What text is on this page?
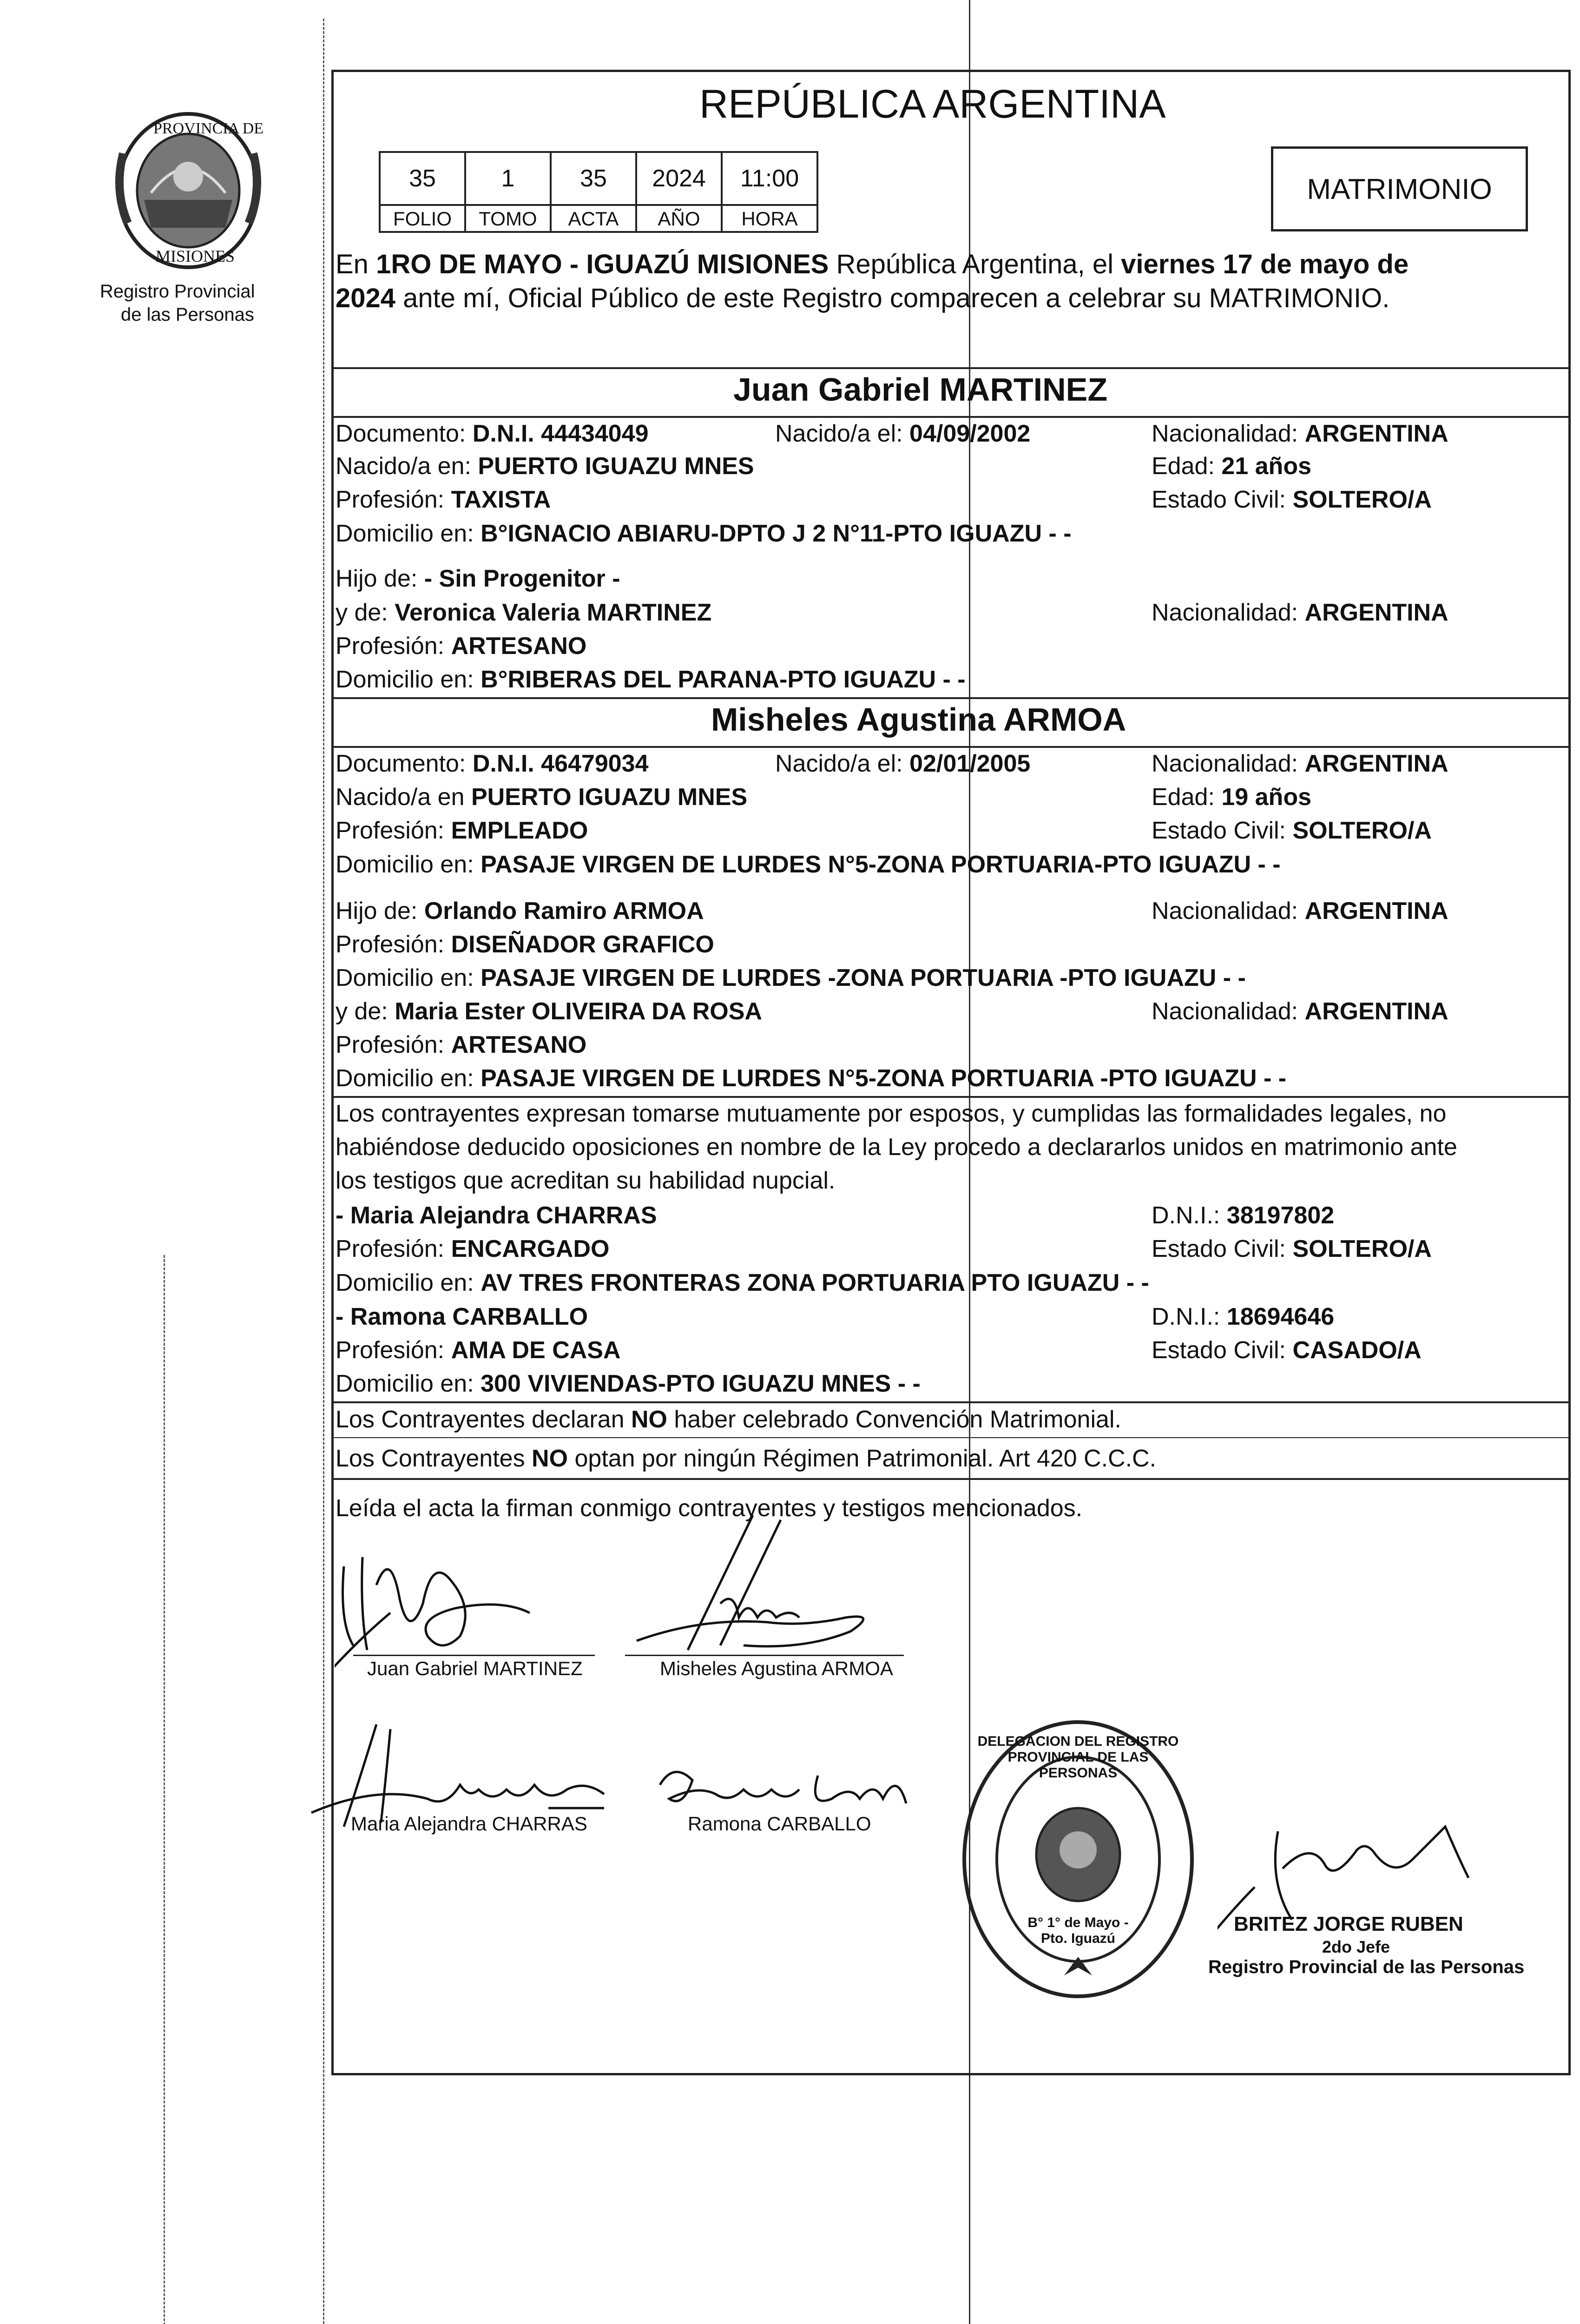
PROVINCIA DE
MISIONES
Registro Provincial
de las Personas
REPÚBLICA ARGENTINA
35	1	35	2024	11:00
FOLIO	TOMO	ACTA	AÑO	HORA
MATRIMONIO
En 1RO DE MAYO - IGUAZÚ MISIONES República Argentina, el viernes 17 de mayo de
2024 ante mí, Oficial Público de este Registro comparecen a celebrar su MATRIMONIO.
Juan Gabriel MARTINEZ
Documento: D.N.I. 44434049	Nacido/a el: 04/09/2002	Nacionalidad: ARGENTINA
Nacido/a en: PUERTO IGUAZU MNES	Edad: 21 años
Profesión: TAXISTA	Estado Civil: SOLTERO/A
Domicilio en: B°IGNACIO ABIARU-DPTO J 2 N°11-PTO IGUAZU - -
Hijo de: - Sin Progenitor -
y de: Veronica Valeria MARTINEZ	Nacionalidad: ARGENTINA
Profesión: ARTESANO
Domicilio en: B°RIBERAS DEL PARANA-PTO IGUAZU - -
Misheles Agustina ARMOA
Documento: D.N.I. 46479034	Nacido/a el: 02/01/2005	Nacionalidad: ARGENTINA
Nacido/a en PUERTO IGUAZU MNES	Edad: 19 años
Profesión: EMPLEADO	Estado Civil: SOLTERO/A
Domicilio en: PASAJE VIRGEN DE LURDES N°5-ZONA PORTUARIA-PTO IGUAZU - -
Hijo de: Orlando Ramiro ARMOA	Nacionalidad: ARGENTINA
Profesión: DISEÑADOR GRAFICO
Domicilio en: PASAJE VIRGEN DE LURDES -ZONA PORTUARIA -PTO IGUAZU - -
y de: Maria Ester OLIVEIRA DA ROSA	Nacionalidad: ARGENTINA
Profesión: ARTESANO
Domicilio en: PASAJE VIRGEN DE LURDES N°5-ZONA PORTUARIA -PTO IGUAZU - -
Los contrayentes expresan tomarse mutuamente por esposos, y cumplidas las formalidades legales, no
habiéndose deducido oposiciones en nombre de la Ley procedo a declararlos unidos en matrimonio ante
los testigos que acreditan su habilidad nupcial.
- Maria Alejandra CHARRAS	D.N.I.: 38197802
Profesión: ENCARGADO	Estado Civil: SOLTERO/A
Domicilio en: AV TRES FRONTERAS ZONA PORTUARIA PTO IGUAZU - -
- Ramona CARBALLO	D.N.I.: 18694646
Profesión: AMA DE CASA	Estado Civil: CASADO/A
Domicilio en: 300 VIVIENDAS-PTO IGUAZU MNES - -
Los Contrayentes declaran NO haber celebrado Convención Matrimonial.
Los Contrayentes NO optan por ningún Régimen Patrimonial. Art 420 C.C.C.
Leída el acta la firman conmigo contrayentes y testigos mencionados.
Juan Gabriel MARTINEZ	Misheles Agustina ARMOA
Maria Alejandra CHARRAS	Ramona CARBALLO
DELEGACION DEL REGISTRO PROVINCIAL DE LAS PERSONAS
B° 1° de Mayo - Pto. Iguazú
BRITEZ JORGE RUBEN
2do Jefe
Registro Provincial de las Personas
